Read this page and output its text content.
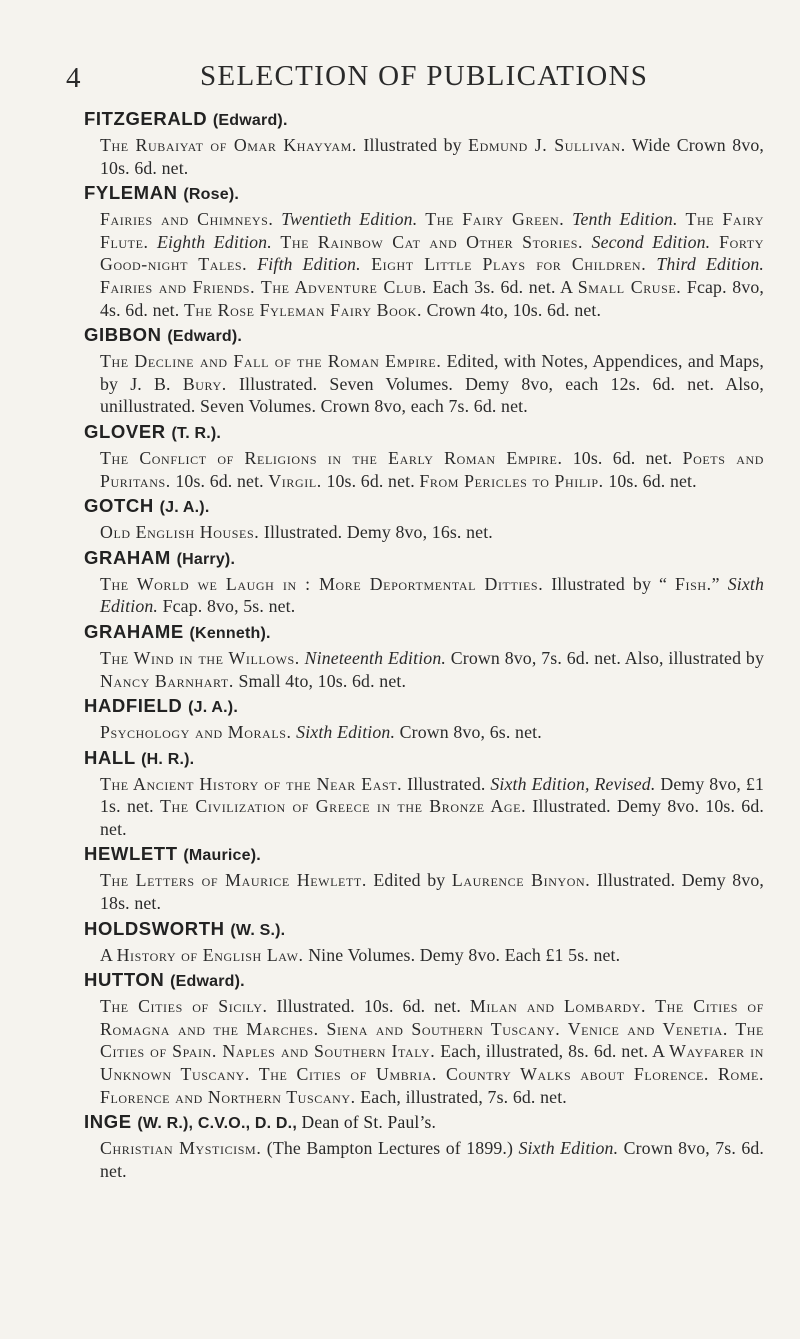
4	SELECTION OF PUBLICATIONS
FITZGERALD (Edward).
The Rubaiyat of Omar Khayyam. Illustrated by Edmund J. Sullivan. Wide Crown 8vo, 10s. 6d. net.
FYLEMAN (Rose).
Fairies and Chimneys. Twentieth Edition. The Fairy Green. Tenth Edition. The Fairy Flute. Eighth Edition. The Rainbow Cat and Other Stories. Second Edition. Forty Good-night Tales. Fifth Edition. Eight Little Plays for Children. Third Edition. Fairies and Friends. The Adventure Club. Each 3s. 6d. net. A Small Cruse. Fcap. 8vo, 4s. 6d. net. The Rose Fyleman Fairy Book. Crown 4to, 10s. 6d. net.
GIBBON (Edward).
The Decline and Fall of the Roman Empire. Edited, with Notes, Appendices, and Maps, by J. B. Bury. Illustrated. Seven Volumes. Demy 8vo, each 12s. 6d. net. Also, unillustrated. Seven Volumes. Crown 8vo, each 7s. 6d. net.
GLOVER (T. R.).
The Conflict of Religions in the Early Roman Empire. 10s. 6d. net. Poets and Puritans. 10s. 6d. net. Virgil. 10s. 6d. net. From Pericles to Philip. 10s. 6d. net.
GOTCH (J. A.).
Old English Houses. Illustrated. Demy 8vo, 16s. net.
GRAHAM (Harry).
The World we Laugh in : More Deportmental Ditties. Illustrated by “ Fish.” Sixth Edition. Fcap. 8vo, 5s. net.
GRAHAME (Kenneth).
The Wind in the Willows. Nineteenth Edition. Crown 8vo, 7s. 6d. net. Also, illustrated by Nancy Barnhart. Small 4to, 10s. 6d. net.
HADFIELD (J. A.).
Psychology and Morals. Sixth Edition. Crown 8vo, 6s. net.
HALL (H. R.).
The Ancient History of the Near East. Illustrated. Sixth Edition, Revised. Demy 8vo, £1 1s. net. The Civilization of Greece in the Bronze Age. Illustrated. Demy 8vo. 10s. 6d. net.
HEWLETT (Maurice).
The Letters of Maurice Hewlett. Edited by Laurence Binyon. Illustrated. Demy 8vo, 18s. net.
HOLDSWORTH (W. S.).
A History of English Law. Nine Volumes. Demy 8vo. Each £1 5s. net.
HUTTON (Edward).
The Cities of Sicily. Illustrated. 10s. 6d. net. Milan and Lombardy. The Cities of Romagna and the Marches. Siena and Southern Tuscany. Venice and Venetia. The Cities of Spain. Naples and Southern Italy. Each, illustrated, 8s. 6d. net. A Wayfarer in Unknown Tuscany. The Cities of Umbria. Country Walks about Florence. Rome. Florence and Northern Tuscany. Each, illustrated, 7s. 6d. net.
INGE (W. R.), C.V.O., D. D., Dean of St. Paul’s.
Christian Mysticism. (The Bampton Lectures of 1899.) Sixth Edition. Crown 8vo, 7s. 6d. net.
